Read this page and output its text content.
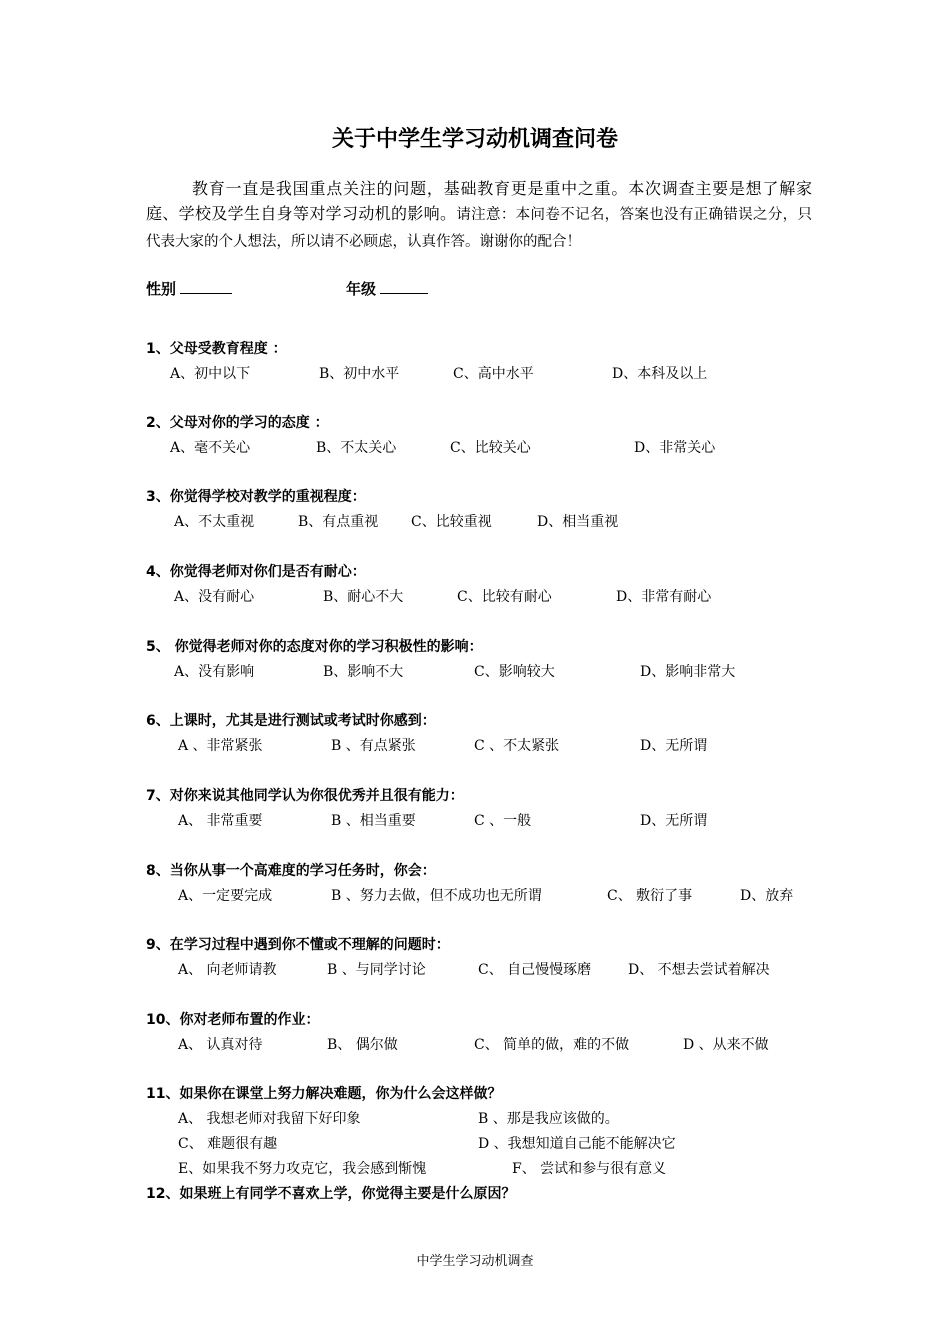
关于中学生学习动机调查问卷

教育一直是我国重点关注的问题，基础教育更是重中之重。本次调查主要是想了解家庭、学校及学生自身等对学习动机的影响。请注意：本问卷不记名，答案也没有正确错误之分，只代表大家的个人想法，所以请不必顾虑，认真作答。谢谢你的配合！

性别	年级
1、父母受教育程度 ：
A、初中以下	B、初中水平	C、高中水平	D、本科及以上
2、父母对你的学习的态度 ：
A、毫不关心	B、不太关心	C、比较关心	D、非常关心
3、你觉得学校对教学的重视程度：
A、不太重视	B、有点重视 C、比较重视	D、相当重视
4、你觉得老师对你们是否有耐心：
A、没有耐心	B、耐心不大	C、比较有耐心	D、非常有耐心
5、 你觉得老师对你的态度对你的学习积极性的影响：
A、没有影响	B、影响不大	C、影响较大	D、影响非常大
6、上课时，尤其是进行测试或考试时你感到：
A 、非常紧张	B 、有点紧张	C 、不太紧张	D、无所谓
7、对你来说其他同学认为你很优秀并且很有能力：
A、 非常重要	B 、相当重要	C 、一般	D、无所谓
8、当你从事一个高难度的学习任务时，你会：
A、一定要完成	B 、努力去做，但不成功也无所谓	C、 敷衍了事	D、放弃
9、在学习过程中遇到你不懂或不理解的问题时：
A、 向老师请教	B 、与同学讨论	C、 自己慢慢琢磨	D、 不想去尝试着解决
10、你对老师布置的作业：
A、 认真对待	B、 偶尔做	C、 简单的做，难的不做	D 、从来不做
11、如果你在课堂上努力解决难题，你为什么会这样做？
A、 我想老师对我留下好印象	B 、那是我应该做的。
C、 难题很有趣	D 、我想知道自己能不能解决它
E、如果我不努力攻克它，我会感到惭愧	F、 尝试和参与很有意义
12、如果班上有同学不喜欢上学，你觉得主要是什么原因？
中学生学习动机调查
